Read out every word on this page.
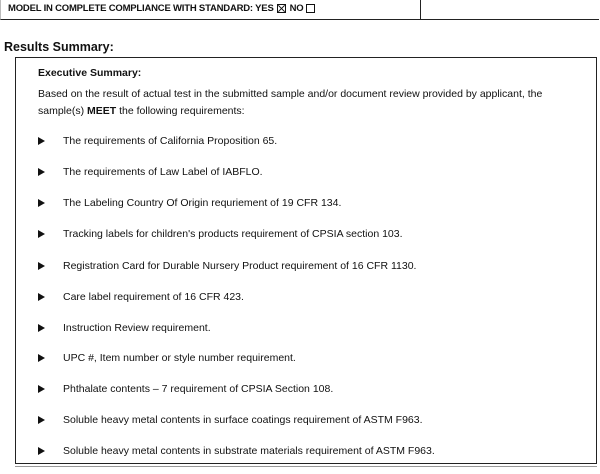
MODEL IN COMPLETE COMPLIANCE WITH STANDARD: YES NO
Results Summary:
Executive Summary:
Based on the result of actual test in the submitted sample and/or document review provided by applicant, the sample(s) MEET the following requirements:
The requirements of California Proposition 65.
The requirements of Law Label of IABFLO.
The Labeling Country Of Origin requriement of 19 CFR 134.
Tracking labels for children's products requirement of CPSIA section 103.
Registration Card for Durable Nursery Product requirement of 16 CFR 1130.
Care label requirement of 16 CFR 423.
Instruction Review requirement.
UPC #, Item number or style number requirement.
Phthalate contents – 7 requirement of CPSIA Section 108.
Soluble heavy metal contents in surface coatings requirement of ASTM F963.
Soluble heavy metal contents in substrate materials requirement of ASTM F963.
